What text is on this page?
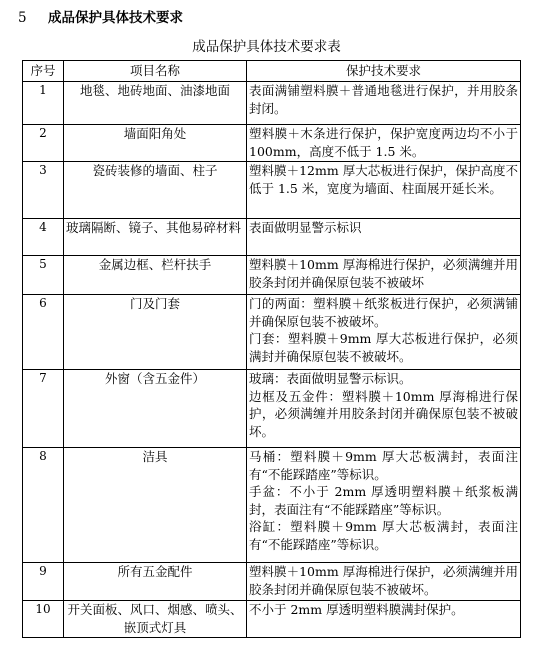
5 成品保护具体技术要求
成品保护具体技术要求表
序号	项目名称	保护技术要求
1	地毯、地砖地面、油漆地面	表面满铺塑料膜＋普通地毯进行保护，并用胶条封闭。

2	墙面阳角处	塑料膜＋木条进行保护，保护宽度两边均不小于 100mm，高度不低于 1.5 米。

3	瓷砖装修的墙面、柱子	塑料膜＋12mm 厚大芯板进行保护，保护高度不低于 1.5 米，宽度为墙面、柱面展开延长米。

4	玻璃隔断、镜子、其他易碎材料	表面做明显警示标识

5	金属边框、栏杆扶手	塑料膜＋10mm 厚海棉进行保护，必须满缠并用胶条封闭并确保原包装不被破坏

6	门及门套	门的两面：塑料膜＋纸浆板进行保护，必须满铺并确保原包装不被破坏。

门套：塑料膜＋9mm 厚大芯板进行保护，必须满封并确保原包装不被破坏。

7	外窗（含五金件）	玻璃：表面做明显警示标识。

边框及五金件：塑料膜＋10mm 厚海棉进行保护，必须满缠并用胶条封闭并确保原包装不被破坏。

8	洁具	马桶：塑料膜＋9mm 厚大芯板满封，表面注有“不能踩踏座”等标识。

手盆：不小于 2mm 厚透明塑料膜＋纸浆板满封，表面注有“不能踩踏座”等标识。

浴缸：塑料膜＋9mm 厚大芯板满封，表面注有“不能踩踏座”等标识。

9	所有五金配件	塑料膜＋10mm 厚海棉进行保护，必须满缠并用胶条封闭并确保原包装不被破坏。

10	开关面板、风口、烟感、喷头、嵌顶式灯具	不小于 2mm 厚透明塑料膜满封保护。
